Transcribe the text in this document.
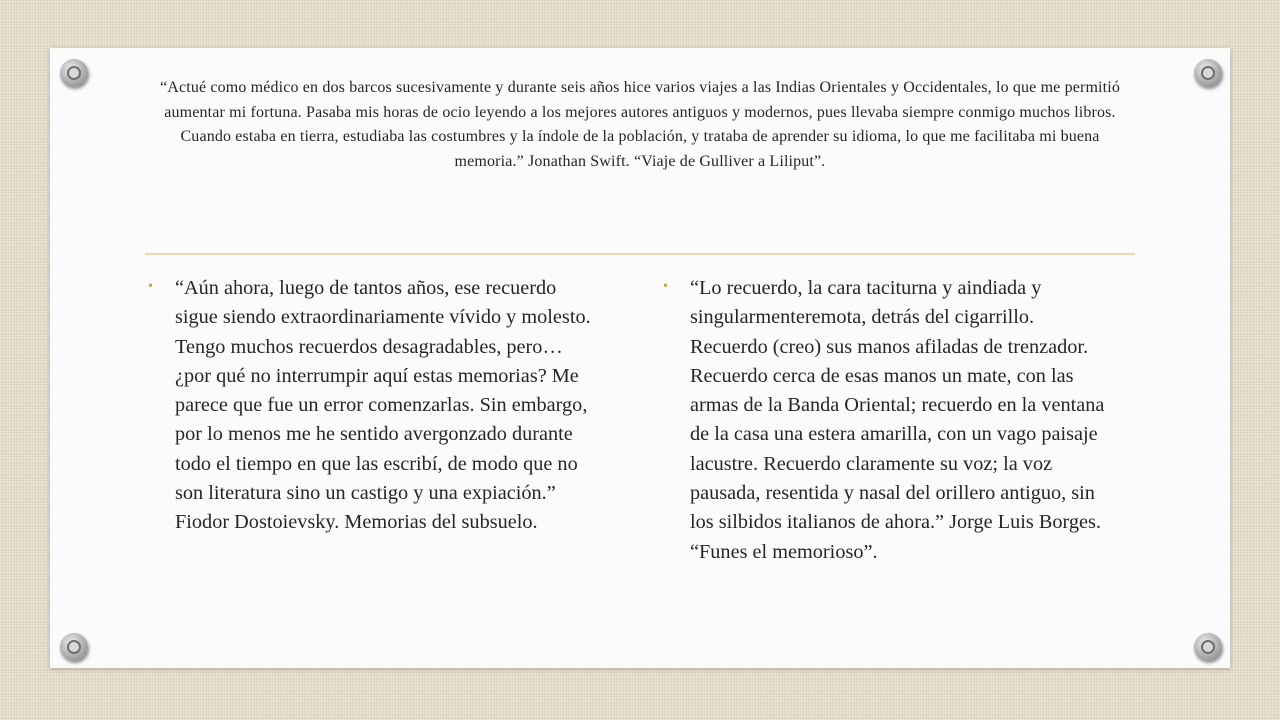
“Actué como médico en dos barcos sucesivamente y durante seis años hice varios viajes a las Indias Orientales y Occidentales, lo que me permitió aumentar mi fortuna. Pasaba mis horas de ocio leyendo a los mejores autores antiguos y modernos, pues llevaba siempre conmigo muchos libros. Cuando estaba en tierra, estudiaba las costumbres y la índole de la población, y trataba de aprender su idioma, lo que me facilitaba mi buena memoria.” Jonathan Swift. “Viaje de Gulliver a Liliput”.

• “Aún ahora, luego de tantos años, ese recuerdo sigue siendo extraordinariamente vívido y molesto. Tengo muchos recuerdos desagradables, pero…¿por qué no interrumpir aquí estas memorias? Me parece que fue un error comenzarlas. Sin embargo, por lo menos me he sentido avergonzado durante todo el tiempo en que las escribí, de modo que no son literatura sino un castigo y una expiación.” Fiodor Dostoievsky. Memorias del subsuelo.
• “Lo recuerdo, la cara taciturna y aindiada y singularmenteremota, detrás del cigarrillo. Recuerdo (creo) sus manos afiladas de trenzador. Recuerdo cerca de esas manos un mate, con las armas de la Banda Oriental; recuerdo en la ventana de la casa una estera amarilla, con un vago paisaje lacustre. Recuerdo claramente su voz; la voz pausada, resentida y nasal del orillero antiguo, sin los silbidos italianos de ahora.” Jorge Luis Borges. “Funes el memorioso”.
